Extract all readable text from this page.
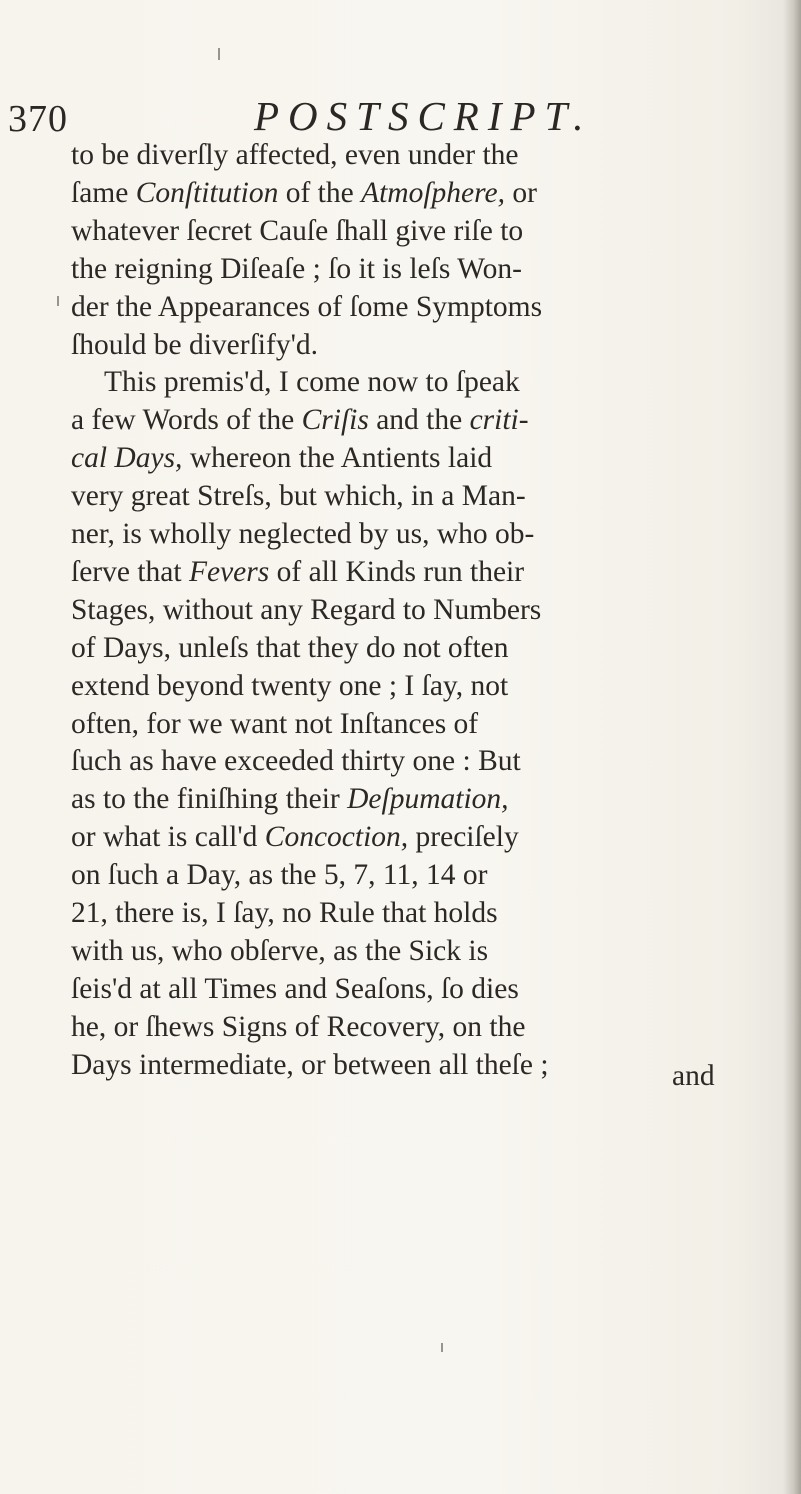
370	POSTSCRIPT.
to be diverſly affected, even under the
ſame Conſtitution of the Atmoſphere, or
whatever ſecret Cauſe ſhall give riſe to
the reigning Diſeaſe ; ſo it is leſs Won-
der the Appearances of ſome Symptoms
ſhould be diverſify'd.
This premis'd, I come now to ſpeak
a few Words of the Criſis and the criti-
cal Days, whereon the Antients laid
very great Streſs, but which, in a Man-
ner, is wholly neglected by us, who ob-
ſerve that Fevers of all Kinds run their
Stages, without any Regard to Numbers
of Days, unleſs that they do not often
extend beyond twenty one ; I ſay, not
often, for we want not Inſtances of
ſuch as have exceeded thirty one : But
as to the finiſhing their Deſpumation,
or what is call'd Concoction, preciſely
on ſuch a Day, as the 5, 7, 11, 14 or
21, there is, I ſay, no Rule that holds
with us, who obſerve, as the Sick is
ſeis'd at all Times and Seaſons, ſo dies
he, or ſhews Signs of Recovery, on the
Days intermediate, or between all theſe ;	and
